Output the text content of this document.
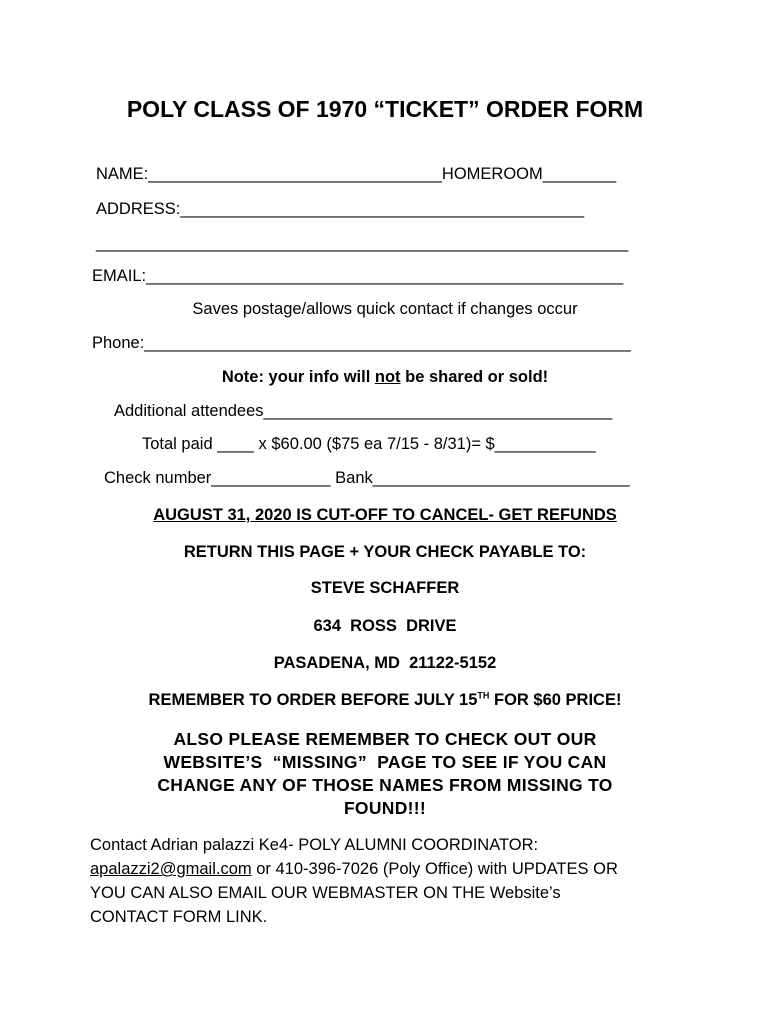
POLY CLASS OF 1970 “TICKET” ORDER FORM
NAME:________________________________HOMEROOM________
ADDRESS:____________________________________________
__________________________________________________________
EMAIL:____________________________________________________
Saves postage/allows quick contact if changes occur
Phone:_____________________________________________________
Note: your info will not be shared or sold!
Additional attendees______________________________________
Total paid ____ x $60.00 ($75 ea 7/15 - 8/31)= $___________
Check number_____________ Bank____________________________
AUGUST 31, 2020 IS CUT-OFF TO CANCEL- GET REFUNDS
RETURN THIS PAGE + YOUR CHECK PAYABLE TO:
STEVE SCHAFFER
634  ROSS  DRIVE
PASADENA, MD  21122-5152
REMEMBER TO ORDER BEFORE JULY 15TH FOR $60 PRICE!
ALSO PLEASE REMEMBER TO CHECK OUT OUR
WEBSITE’S  “MISSING”  PAGE TO SEE IF YOU CAN
CHANGE ANY OF THOSE NAMES FROM MISSING TO
FOUND!!!
Contact Adrian palazzi Ke4- POLY ALUMNI COORDINATOR:
apalazzi2@gmail.com or 410-396-7026 (Poly Office) with UPDATES OR
YOU CAN ALSO EMAIL OUR WEBMASTER ON THE Website’s
CONTACT FORM LINK.
